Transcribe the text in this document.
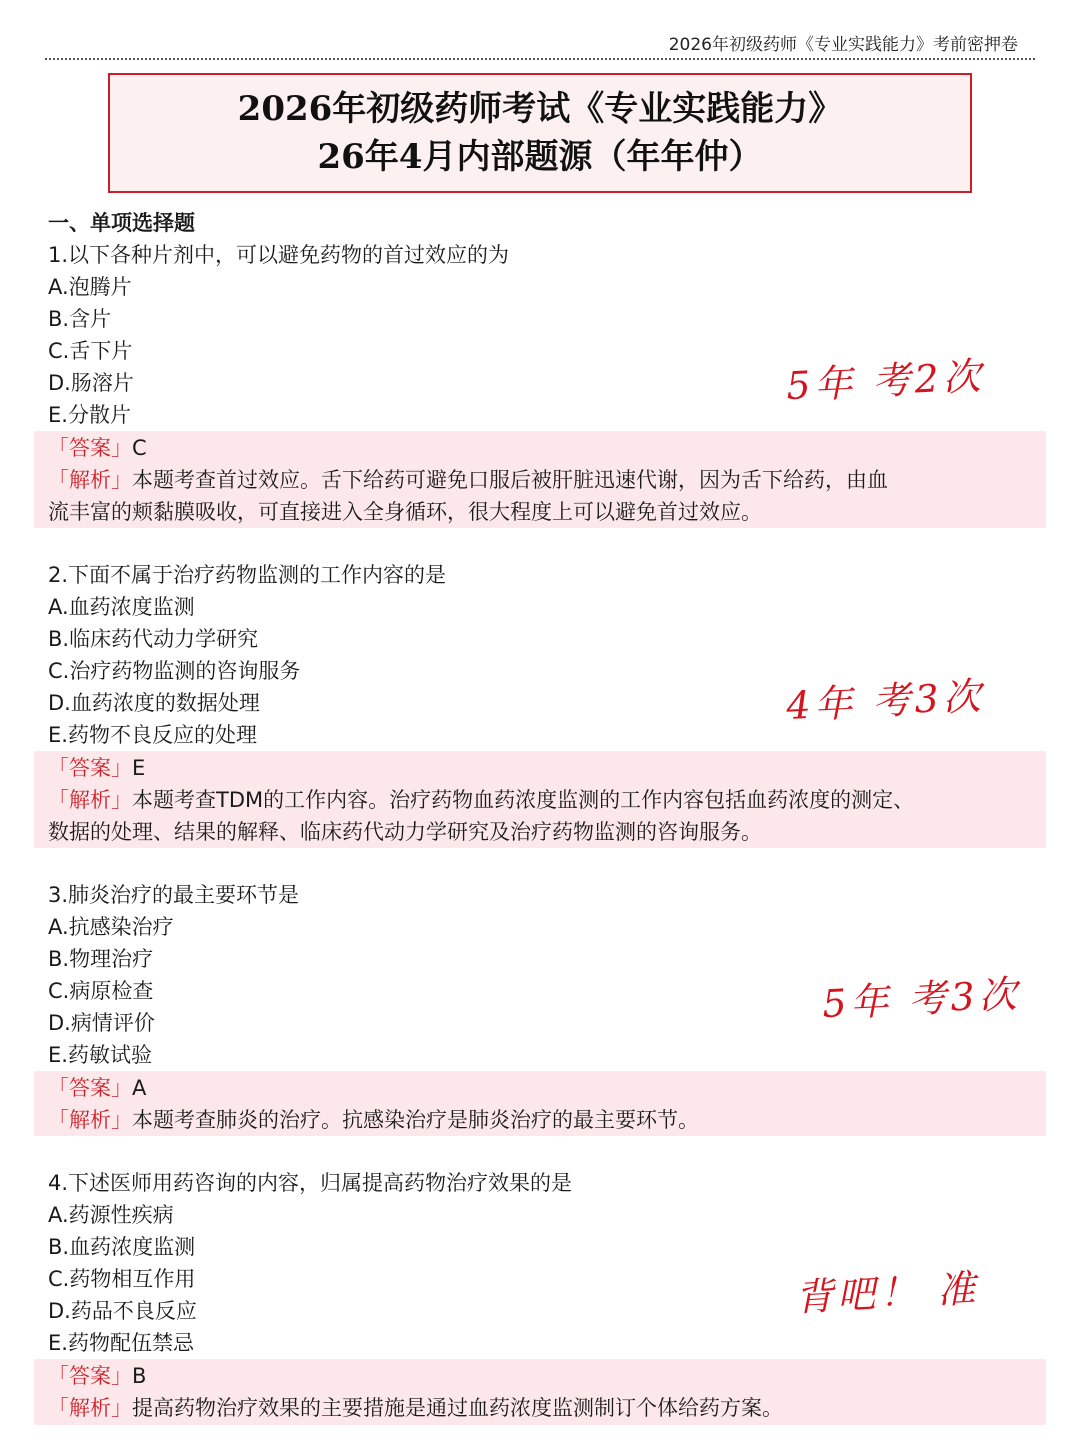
2026年初级药师《专业实践能力》考前密押卷
2026年初级药师考试《专业实践能力》
26年4月内部题源（年年仲）
一、单项选择题
1.以下各种片剂中，可以避免药物的首过效应的为
A.泡腾片
B.含片
C.舌下片
D.肠溶片
E.分散片
「答案」C
「解析」本题考查首过效应。舌下给药可避免口服后被肝脏迅速代谢，因为舌下给药，由血
流丰富的颊黏膜吸收，可直接进入全身循环，很大程度上可以避免首过效应。
5年 考2次
2.下面不属于治疗药物监测的工作内容的是
A.血药浓度监测
B.临床药代动力学研究
C.治疗药物监测的咨询服务
D.血药浓度的数据处理
E.药物不良反应的处理
「答案」E
「解析」本题考查TDM的工作内容。治疗药物血药浓度监测的工作内容包括血药浓度的测定、
数据的处理、结果的解释、临床药代动力学研究及治疗药物监测的咨询服务。
4年 考3次
3.肺炎治疗的最主要环节是
A.抗感染治疗
B.物理治疗
C.病原检查
D.病情评价
E.药敏试验
「答案」A
「解析」本题考查肺炎的治疗。抗感染治疗是肺炎治疗的最主要环节。
5年 考3次
4.下述医师用药咨询的内容，归属提高药物治疗效果的是
A.药源性疾病
B.血药浓度监测
C.药物相互作用
D.药品不良反应
E.药物配伍禁忌
「答案」B
「解析」提高药物治疗效果的主要措施是通过血药浓度监测制订个体给药方案。
背吧！ 准
